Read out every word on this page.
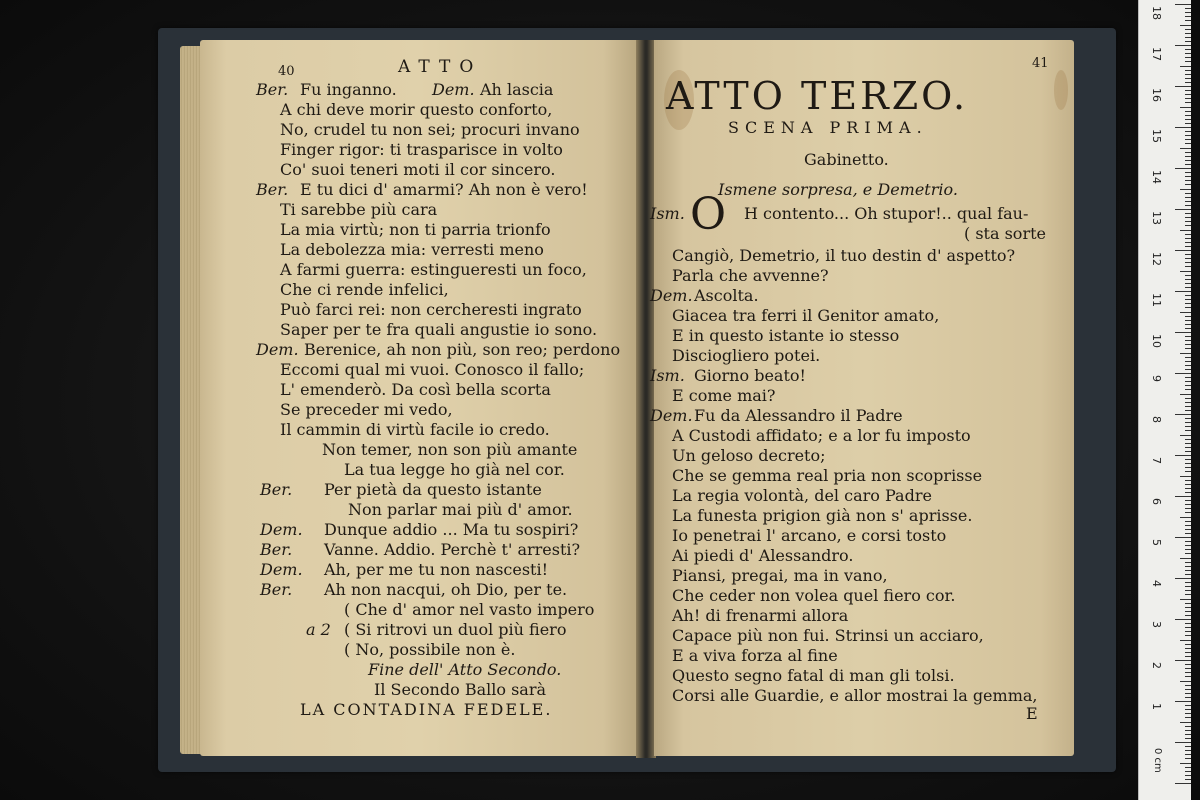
40	ATTO
Ber. Fu inganno. Dem. Ah lascia
A chi deve morir questo conforto,
No, crudel tu non sei; procuri invano
Finger rigor: ti trasparisce in volto
Co' suoi teneri moti il cor sincero.
Ber. E tu dici d' amarmi? Ah non è vero!
Ti sarebbe più cara
La mia virtù; non ti parria trionfo
La debolezza mia: verresti meno
A farmi guerra: estingueresti un foco,
Che ci rende infelici,
Può farci rei: non cercheresti ingrato
Saper per te fra quali angustie io sono.
Dem. Berenice, ah non più, son reo; perdono
Eccomi qual mi vuoi. Conosco il fallo;
L' emenderò. Da così bella scorta
Se preceder mi vedo,
Il cammin di virtù facile io credo.
Non temer, non son più amante
La tua legge ho già nel cor.
Ber. Per pietà da questo istante
Non parlar mai più d' amor.
Dem. Dunque addio ... Ma tu sospiri?
Ber. Vanne. Addio. Perchè t' arresti?
Dem. Ah, per me tu non nascesti!
Ber. Ah non nacqui, oh Dio, per te.
( Che d' amor nel vasto impero
a 2 ( Si ritrovi un duol più fiero
( No, possibile non è.
Fine dell' Atto Secondo.
Il Secondo Ballo sarà
LA CONTADINA FEDELE.
41
ATTO TERZO.
SCENA PRIMA.
Gabinetto.
Ismene sorpresa, e Demetrio.
Ism. O H contento... Oh stupor!.. qual fau-
( sta sorte
Cangiò, Demetrio, il tuo destin d' aspetto?
Parla che avvenne?
Dem. Ascolta.
Giacea tra ferri il Genitor amato,
E in questo istante io stesso
Disciogliero potei.
Ism. Giorno beato!
E come mai?
Dem. Fu da Alessandro il Padre
A Custodi affidato; e a lor fu imposto
Un geloso decreto;
Che se gemma real pria non scoprisse
La regia volontà, del caro Padre
La funesta prigion già non s' aprisse.
Io penetrai l' arcano, e corsi tosto
Ai piedi d' Alessandro.
Piansi, pregai, ma in vano,
Che ceder non volea quel fiero cor.
Ah! di frenarmi allora
Capace più non fui. Strinsi un acciaro,
E a viva forza al fine
Questo segno fatal di man gli tolsi.
Corsi alle Guardie, e allor mostrai la gemma,
E
18
17
16
15
14
13
12
11
10
9
8
7
6
5
4
3
2
1
0 cm
